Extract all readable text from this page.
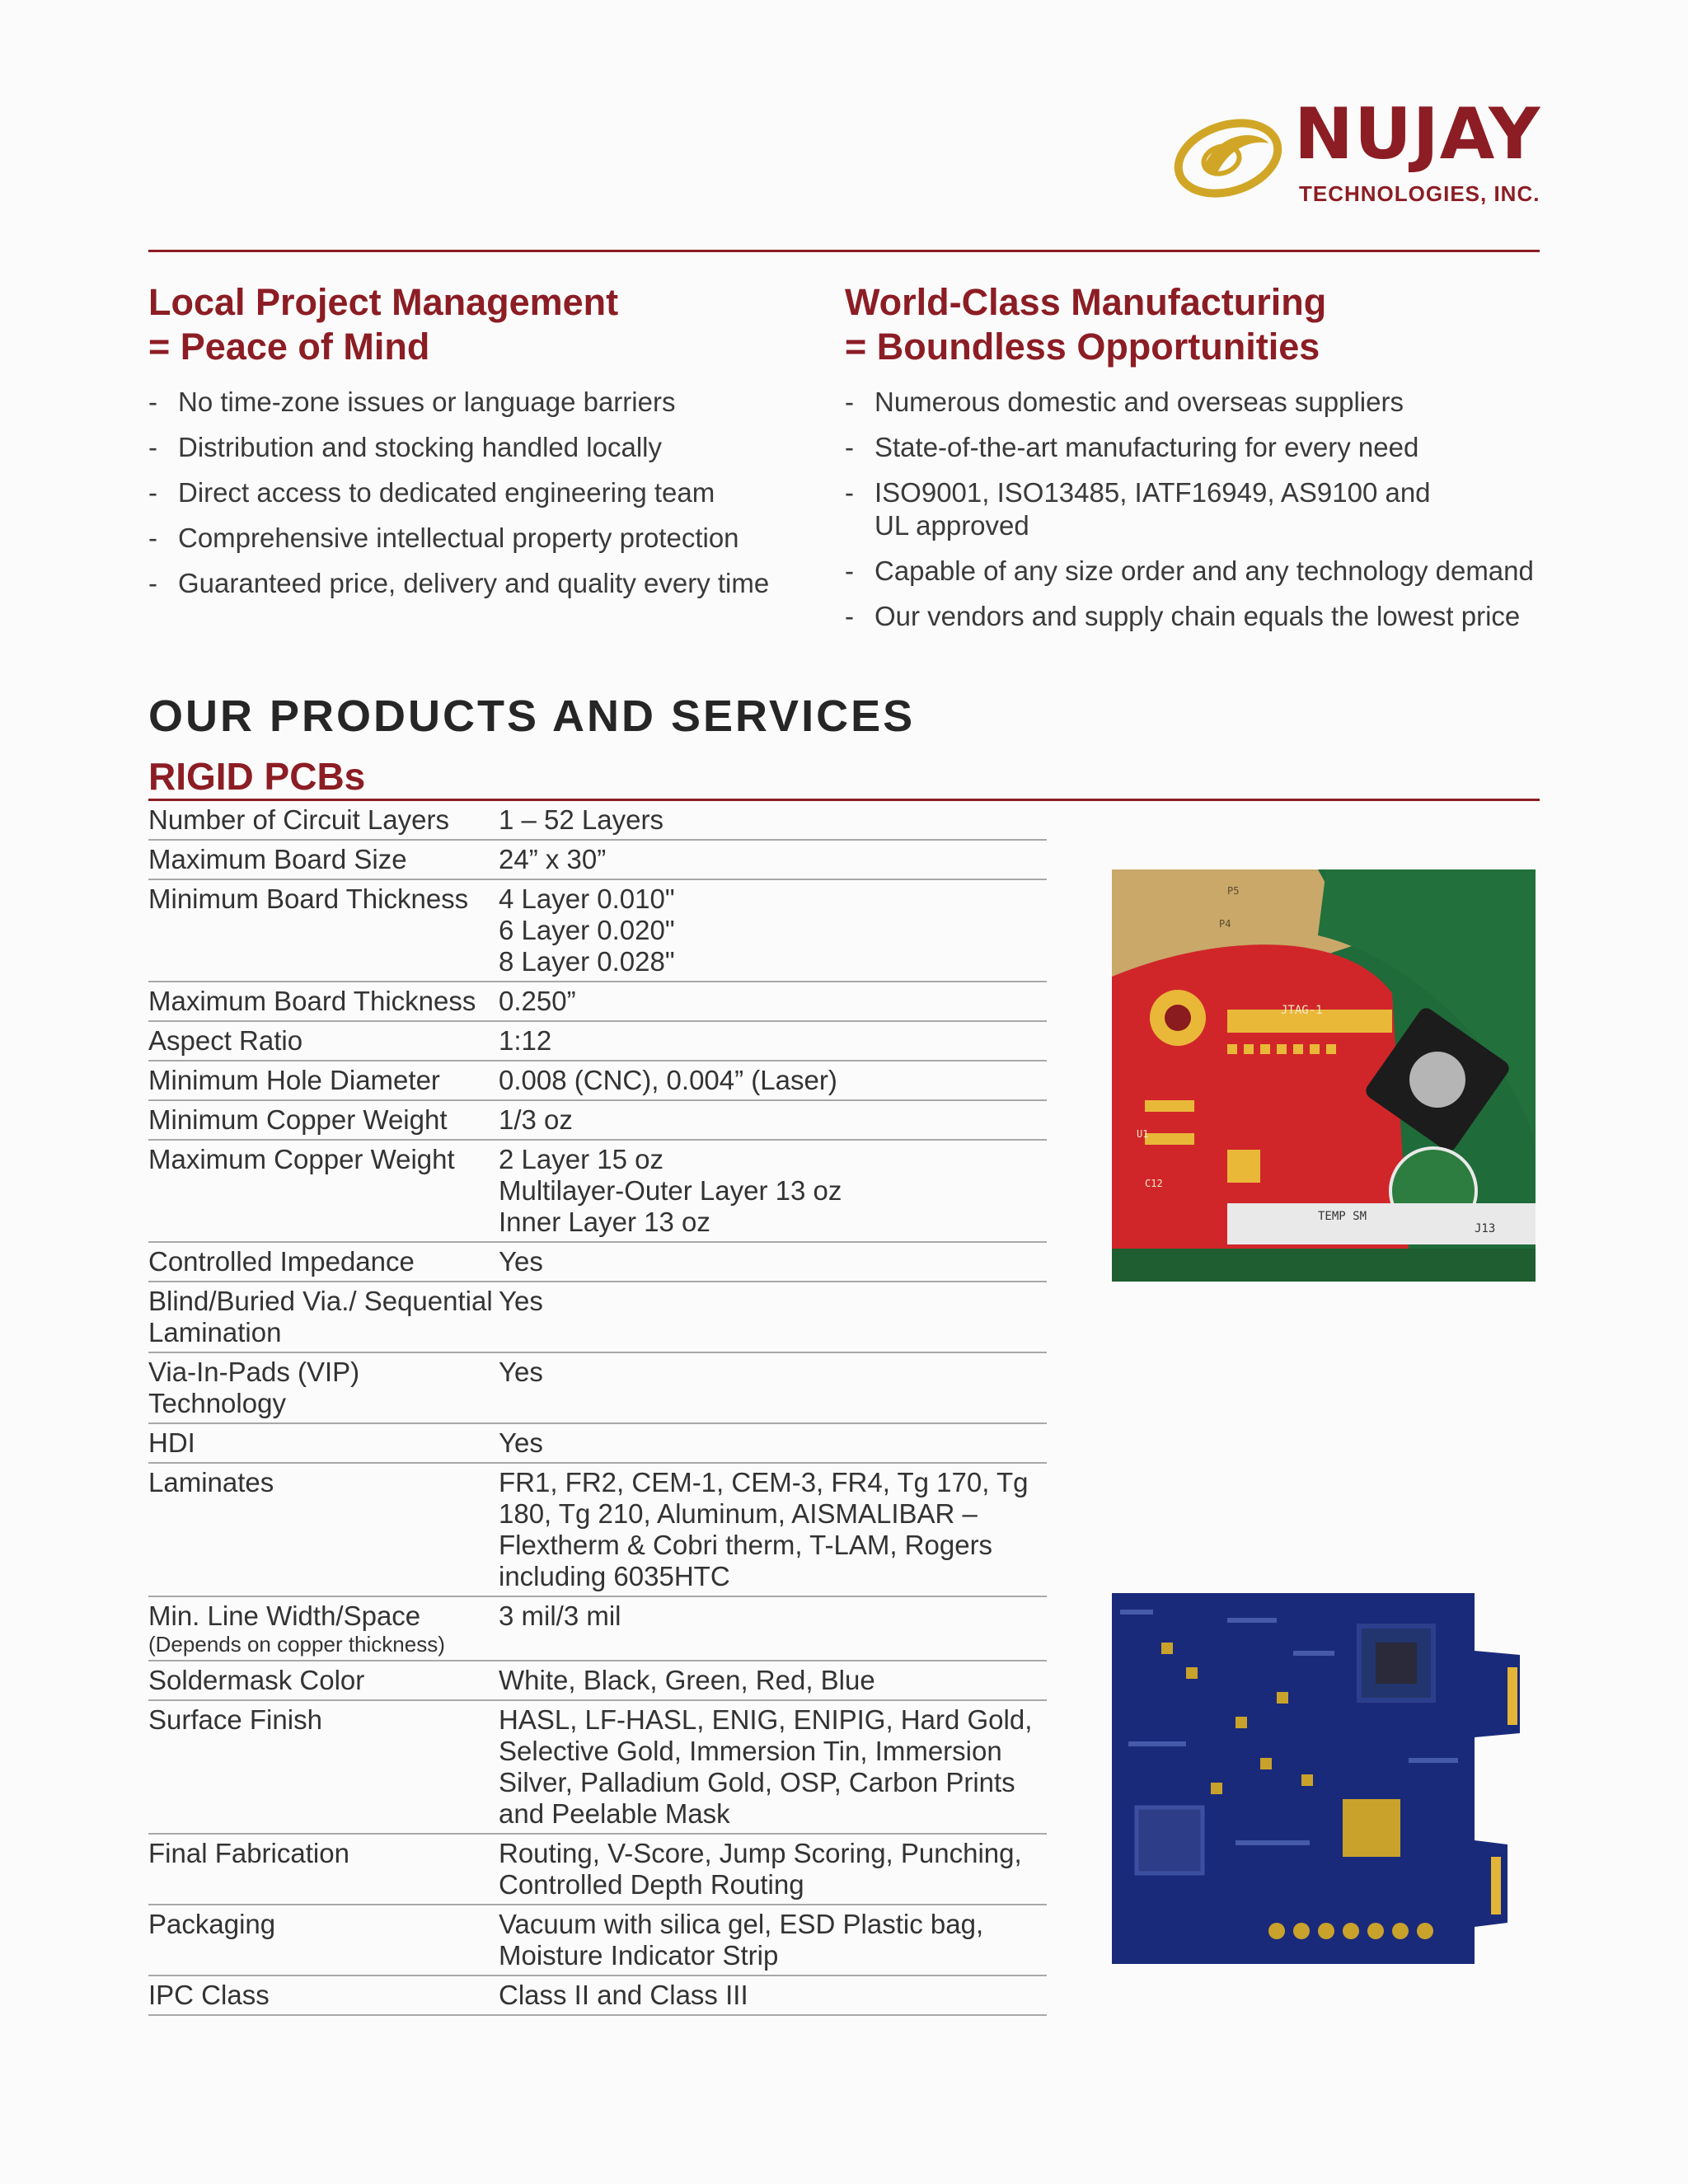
NUJAY
TECHNOLOGIES, INC.
Local Project Management
= Peace of Mind
- No time-zone issues or language barriers
- Distribution and stocking handled locally
- Direct access to dedicated engineering team
- Comprehensive intellectual property protection
- Guaranteed price, delivery and quality every time
World-Class Manufacturing
= Boundless Opportunities
- Numerous domestic and overseas suppliers
- State-of-the-art manufacturing for every need
- ISO9001, ISO13485, IATF16949, AS9100 and UL approved
- Capable of any size order and any technology demand
- Our vendors and supply chain equals the lowest price
OUR PRODUCTS AND SERVICES
RIGID PCBs
Number of Circuit Layers	1 – 52 Layers

Maximum Board Size	24” x 30”

Minimum Board Thickness	4 Layer 0.010"
6 Layer 0.020"
8 Layer 0.028"

Maximum Board Thickness	0.250”

Aspect Ratio	1:12

Minimum Hole Diameter	0.008 (CNC), 0.004” (Laser)

Minimum Copper Weight	1/3 oz

Maximum Copper Weight	2 Layer 15 oz
Multilayer-Outer Layer 13 oz
Inner Layer 13 oz

Controlled Impedance	Yes

Blind/Buried Via./ Sequential Lamination	Yes

Via-In-Pads (VIP) Technology	Yes

HDI	Yes

Laminates	FR1, FR2, CEM-1, CEM-3, FR4, Tg 170, Tg 180, Tg 210, Aluminum, AISMALIBAR – Flextherm & Cobri therm, T-LAM, Rogers including 6035HTC

Min. Line Width/Space
(Depends on copper thickness)	3 mil/3 mil

Soldermask Color	White, Black, Green, Red, Blue

Surface Finish	HASL, LF-HASL, ENIG, ENIPIG, Hard Gold, Selective Gold, Immersion Tin, Immersion Silver, Palladium Gold, OSP, Carbon Prints and Peelable Mask

Final Fabrication	Routing, V-Score, Jump Scoring, Punching, Controlled Depth Routing

Packaging	Vacuum with silica gel, ESD Plastic bag, Moisture Indicator Strip

IPC Class	Class II and Class III
JTAG-1
P5
P4
U1
C12
TEMP SM
J13
